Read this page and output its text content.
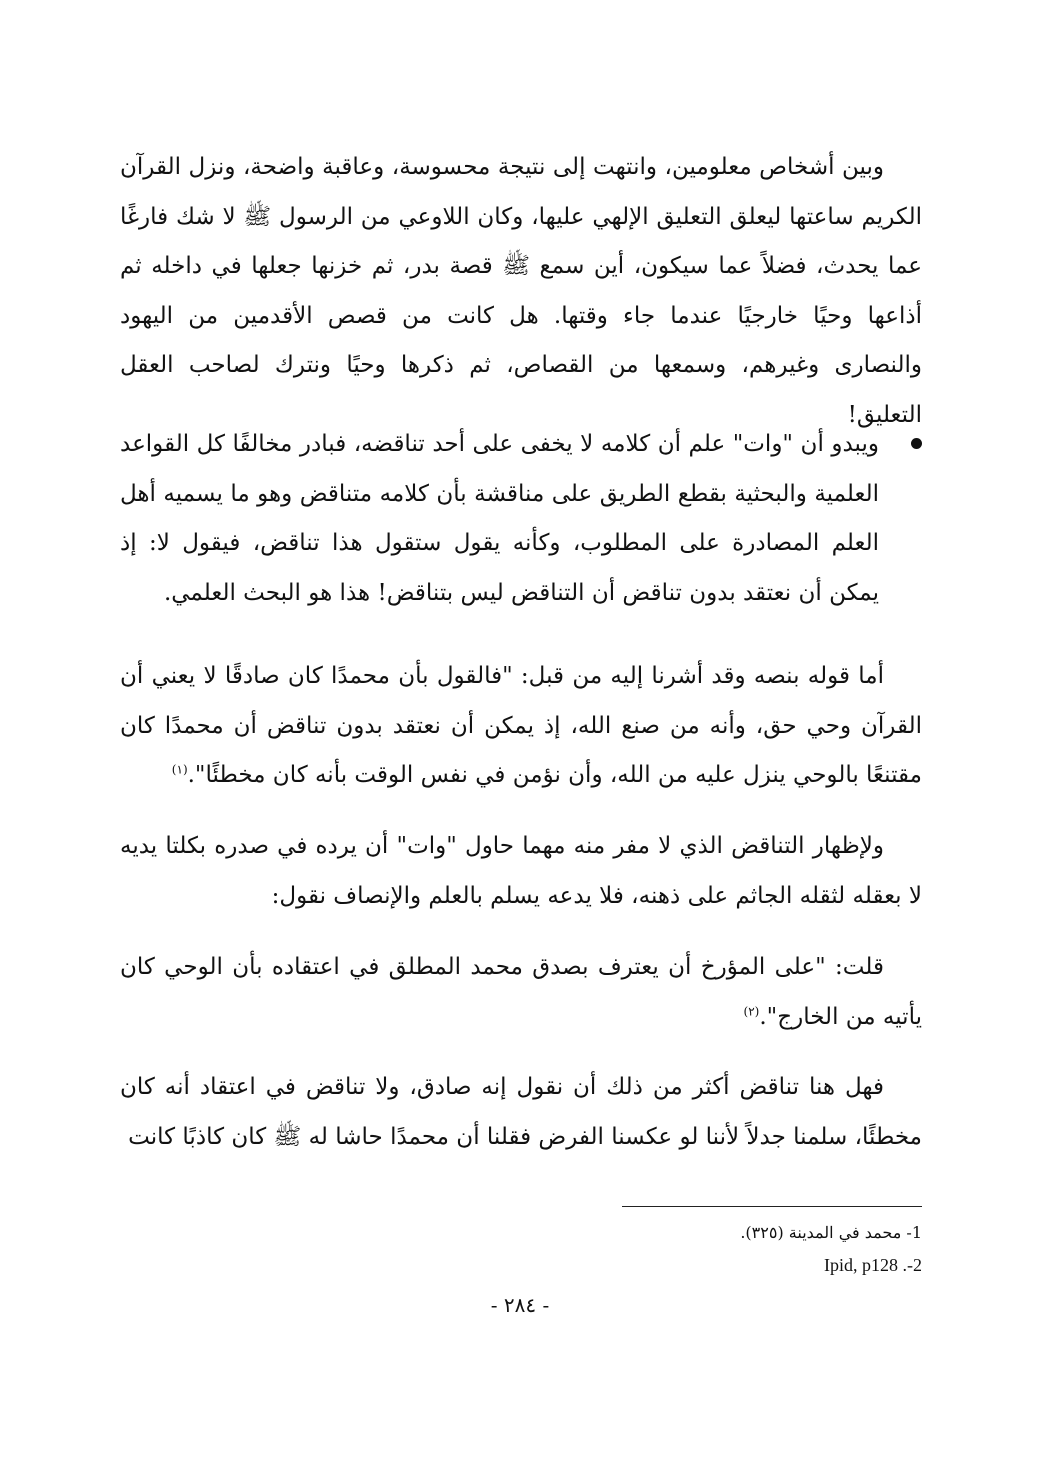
وبين أشخاص معلومين، وانتهت إلى نتيجة محسوسة، وعاقبة واضحة، ونزل القرآن الكريم ساعتها ليعلق التعليق الإلهي عليها، وكان اللاوعي من الرسول ﷺ لا شك فارغًا عما يحدث، فضلاً عما سيكون، أين سمع ﷺ قصة بدر، ثم خزنها جعلها في داخله ثم أذاعها وحيًا خارجيًا عندما جاء وقتها. هل كانت من قصص الأقدمين من اليهود والنصارى وغيرهم، وسمعها من القصاص، ثم ذكرها وحيًا ونترك لصاحب العقل التعليق!

ويبدو أن "وات" علم أن كلامه لا يخفى على أحد تناقضه، فبادر مخالفًا كل القواعد العلمية والبحثية بقطع الطريق على مناقشة بأن كلامه متناقض وهو ما يسميه أهل العلم المصادرة على المطلوب، وكأنه يقول ستقول هذا تناقض، فيقول لا: إذ يمكن أن نعتقد بدون تناقض أن التناقض ليس بتناقض! هذا هو البحث العلمي.

أما قوله بنصه وقد أشرنا إليه من قبل: "فالقول بأن محمدًا كان صادقًا لا يعني أن القرآن وحي حق، وأنه من صنع الله، إذ يمكن أن نعتقد بدون تناقض أن محمدًا كان مقتنعًا بالوحي ينزل عليه من الله، وأن نؤمن في نفس الوقت بأنه كان مخطئًا".$^{(١)}$

ولإظهار التناقض الذي لا مفر منه مهما حاول "وات" أن يرده في صدره بكلتا يديه لا بعقله لثقله الجاثم على ذهنه، فلا يدعه يسلم بالعلم والإنصاف نقول:

قلت: "على المؤرخ أن يعترف بصدق محمد المطلق في اعتقاده بأن الوحي كان يأتيه من الخارج".$^{(٢)}$

فهل هنا تناقض أكثر من ذلك أن نقول إنه صادق، ولا تناقض في اعتقاد أنه كان مخطئًا، سلمنا جدلاً لأننا لو عكسنا الفرض فقلنا أن محمدًا حاشا له ﷺ كان كاذبًا كانت

1- محمد في المدينة (٣٢٥).
Ipid, p128 .-2
- ٢٨٤ -
